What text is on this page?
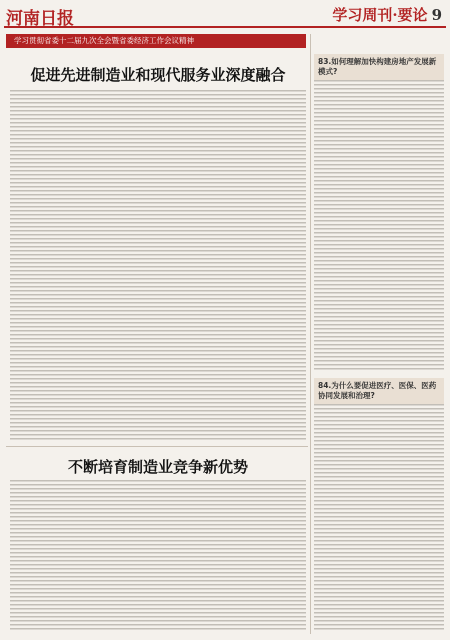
河南日报	学习周刊·要论 9
学习贯彻省委十二届九次全会暨省委经济工作会议精神
促进先进制造业和现代服务业深度融合
不断培育制造业竞争新优势
83.如何理解加快构建房地产发展新模式?
84.为什么要促进医疗、医保、医药协同发展和治理?
